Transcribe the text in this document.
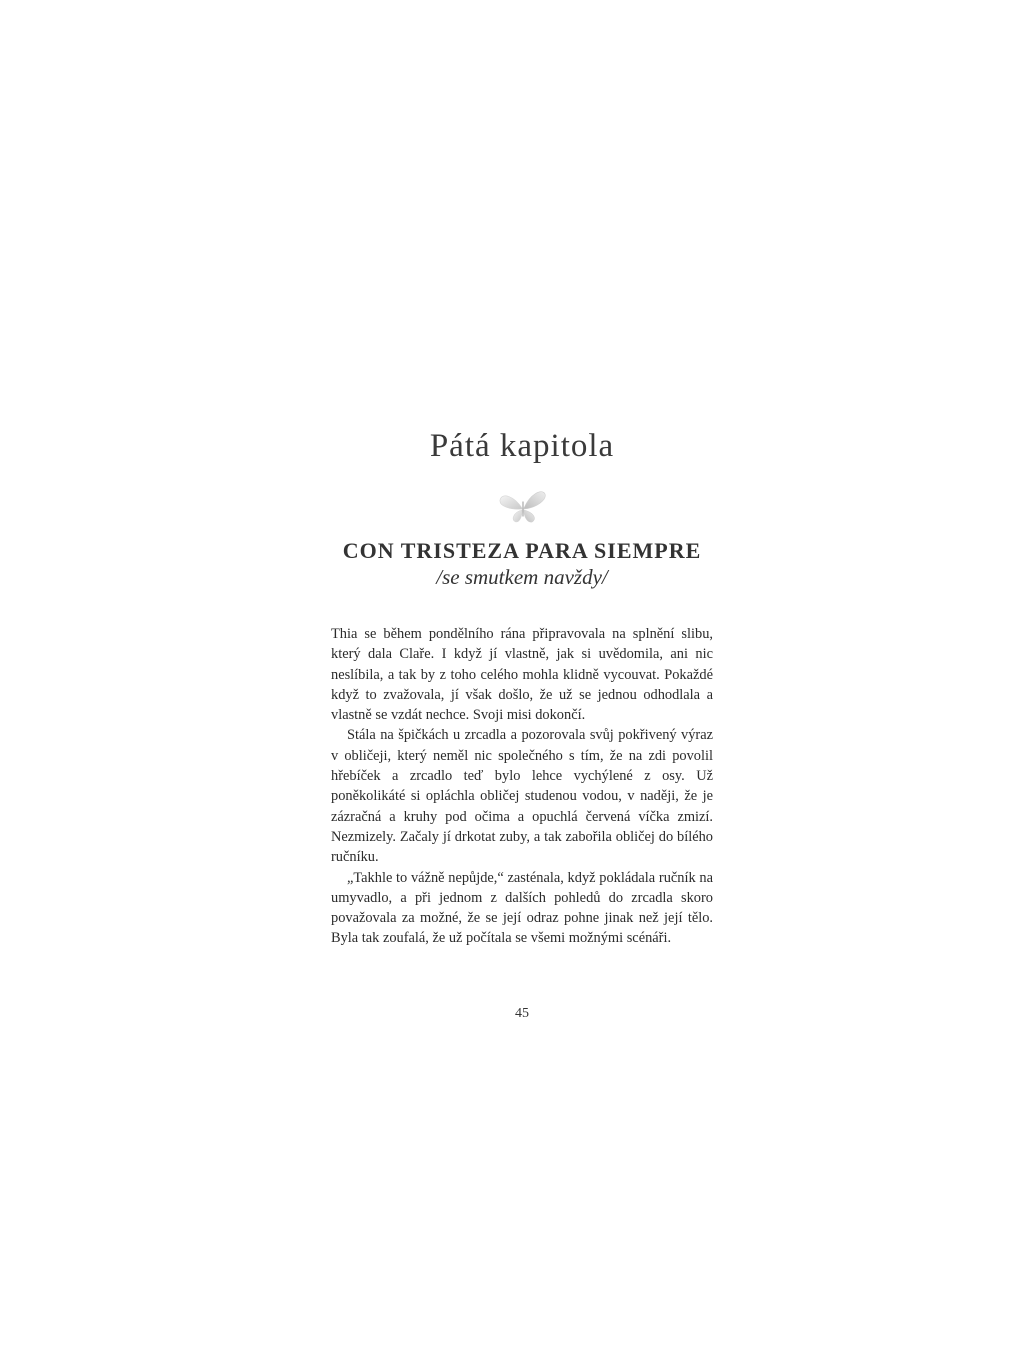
Pátá kapitola
CON TRISTEZA PARA SIEMPRE
/se smutkem navždy/

Thia se během pondělního rána připravovala na splnění slibu, který dala Claře. I když jí vlastně, jak si uvědomila, ani nic neslíbila, a tak by z toho celého mohla klidně vycouvat. Pokaždé když to zvažovala, jí však došlo, že už se jednou odhodlala a vlastně se vzdát nechce. Svoji misi dokončí.

Stála na špičkách u zrcadla a pozorovala svůj pokřivený výraz v obličeji, který neměl nic společného s tím, že na zdi povolil hřebíček a zrcadlo teď bylo lehce vychýlené z osy. Už poněkolikáté si opláchla obličej studenou vodou, v naději, že je zázračná a kruhy pod očima a opuchlá červená víčka zmizí. Nezmizely. Začaly jí drkotat zuby, a tak zabořila obličej do bílého ručníku.

„Takhle to vážně nepůjde,“ zasténala, když pokládala ručník na umyvadlo, a při jednom z dalších pohledů do zrcadla skoro považovala za možné, že se její odraz pohne jinak než její tělo. Byla tak zoufalá, že už počítala se všemi možnými scénáři.

45
